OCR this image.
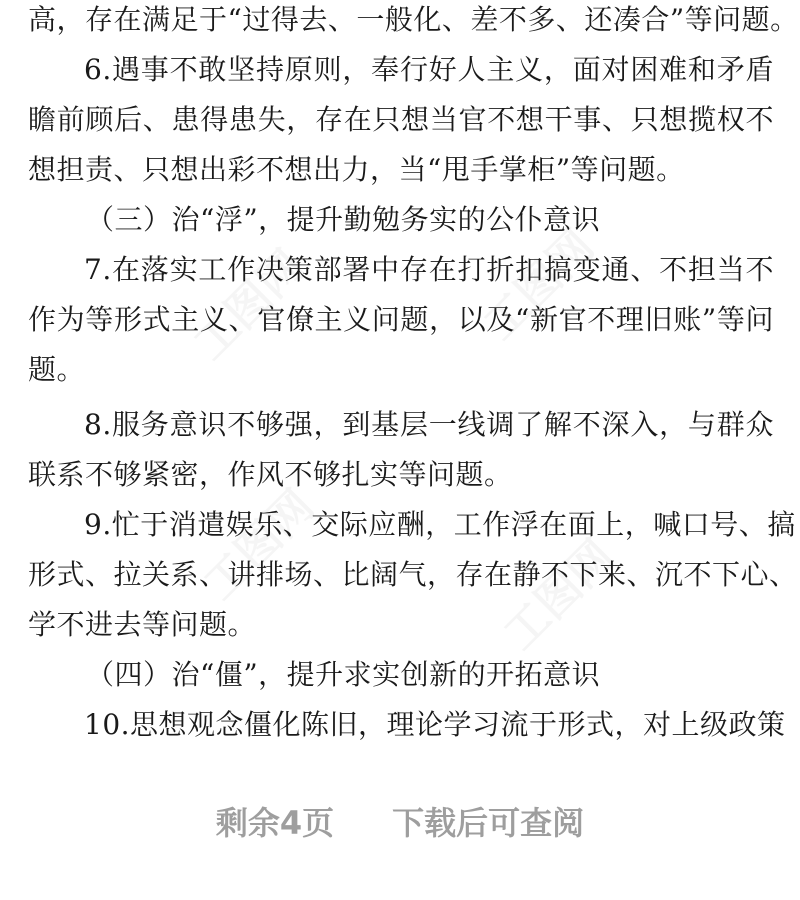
工图网	工图网
工图网	工图网
高，存在满足于“过得去、一般化、差不多、还凑合”等问题。
6.遇事不敢坚持原则，奉行好人主义，面对困难和矛盾
瞻前顾后、患得患失，存在只想当官不想干事、只想揽权不
想担责、只想出彩不想出力，当“甩手掌柜”等问题。
（三）治“浮”，提升勤勉务实的公仆意识
7.在落实工作决策部署中存在打折扣搞变通、不担当不
作为等形式主义、官僚主义问题，以及“新官不理旧账”等问
题。
8.服务意识不够强，到基层一线调了解不深入，与群众
联系不够紧密，作风不够扎实等问题。
9.忙于消遣娱乐、交际应酬，工作浮在面上，喊口号、搞
形式、拉关系、讲排场、比阔气，存在静不下来、沉不下心、
学不进去等问题。
（四）治“僵”，提升求实创新的开拓意识
10.思想观念僵化陈旧，理论学习流于形式，对上级政策
剩余4页 下载后可查阅
